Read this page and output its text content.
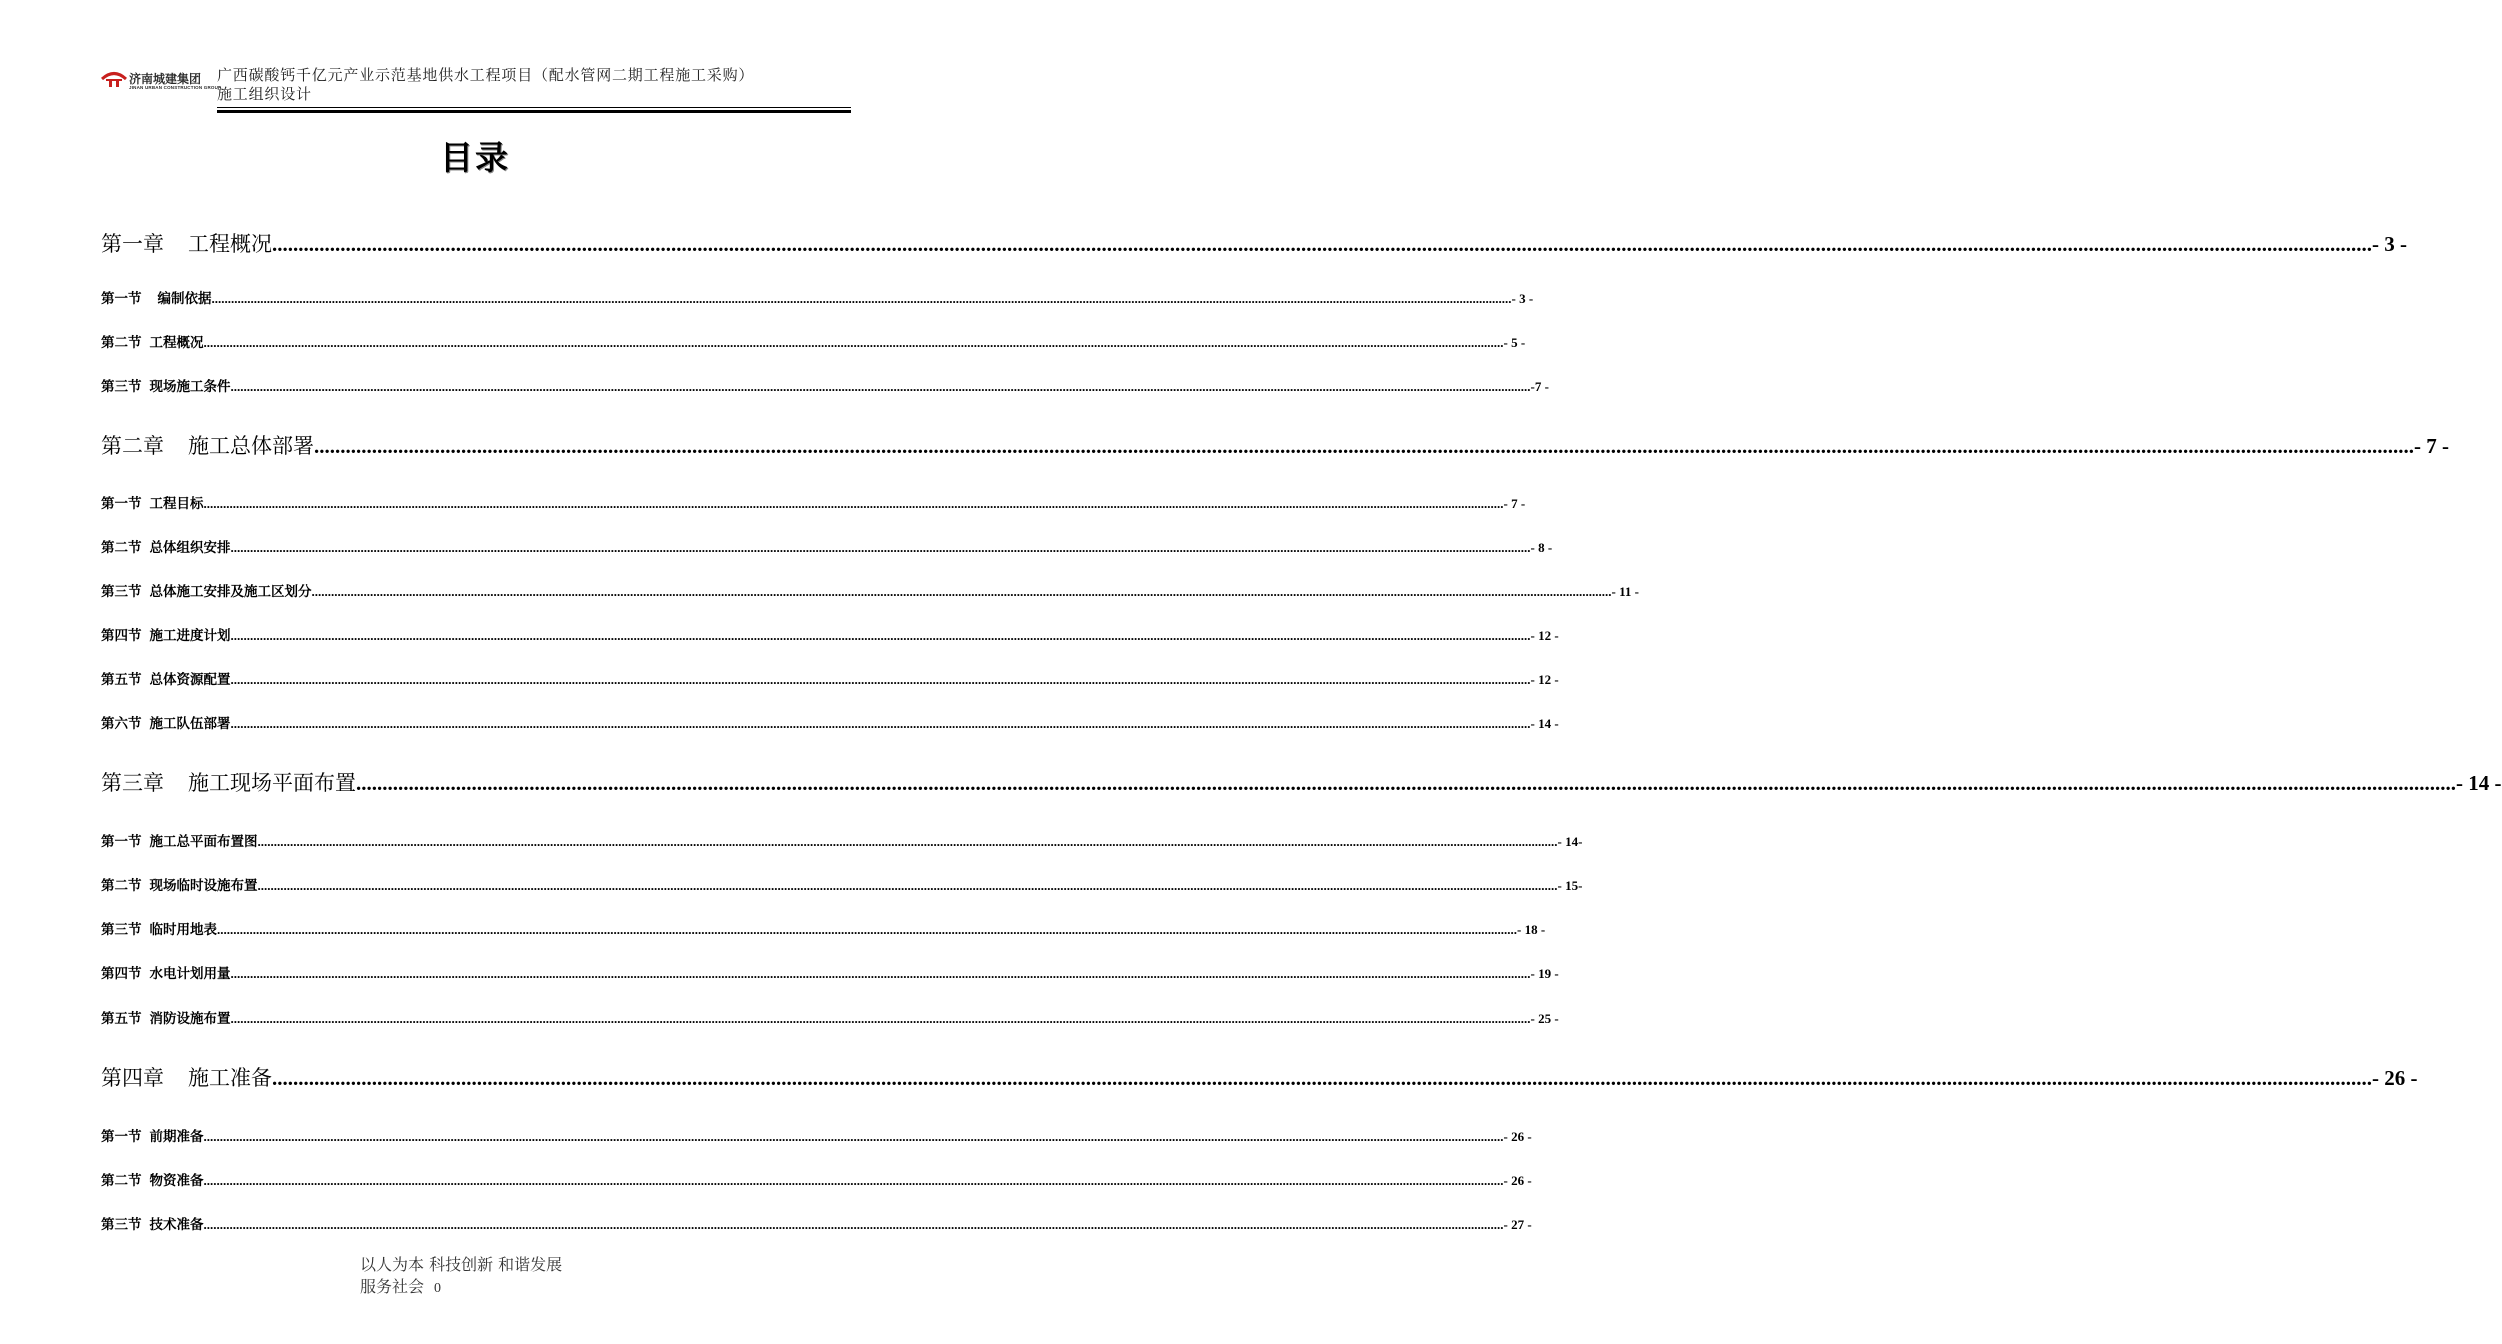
济南城建集团
JINAN URBAN CONSTRUCTION GROUP
广西碳酸钙千亿元产业示范基地供水工程项目（配水管网二期工程施工采购）
施工组织设计
目录
第一章 工程概况 ................................................................................................................................................................................................................................................................................................................................................................................................................ - 3 -
第一节 编制依据 ................................................................................................................................................................................................................................................................................................................................................................................................................ - 3 -
第二节 工程概况 ................................................................................................................................................................................................................................................................................................................................................................................................................ - 5 -
第三节 现场施工条件 ................................................................................................................................................................................................................................................................................................................................................................................................................ -7 -
第二章 施工总体部署 ................................................................................................................................................................................................................................................................................................................................................................................................................ - 7 -
第一节 工程目标 ................................................................................................................................................................................................................................................................................................................................................................................................................ - 7 -
第二节 总体组织安排 ................................................................................................................................................................................................................................................................................................................................................................................................................ - 8 -
第三节 总体施工安排及施工区划分 ................................................................................................................................................................................................................................................................................................................................................................................................................ - 11 -
第四节 施工进度计划 ................................................................................................................................................................................................................................................................................................................................................................................................................ - 12 -
第五节 总体资源配置 ................................................................................................................................................................................................................................................................................................................................................................................................................ - 12 -
第六节 施工队伍部署 ................................................................................................................................................................................................................................................................................................................................................................................................................ - 14 -
第三章 施工现场平面布置 ................................................................................................................................................................................................................................................................................................................................................................................................................ - 14 -
第一节 施工总平面布置图 ................................................................................................................................................................................................................................................................................................................................................................................................................ - 14-
第二节 现场临时设施布置 ................................................................................................................................................................................................................................................................................................................................................................................................................ - 15-
第三节 临时用地表 ................................................................................................................................................................................................................................................................................................................................................................................................................ - 18 -
第四节 水电计划用量 ................................................................................................................................................................................................................................................................................................................................................................................................................ - 19 -
第五节 消防设施布置 ................................................................................................................................................................................................................................................................................................................................................................................................................ - 25 -
第四章 施工准备 ................................................................................................................................................................................................................................................................................................................................................................................................................ - 26 -
第一节 前期准备 ................................................................................................................................................................................................................................................................................................................................................................................................................ - 26 -
第二节 物资准备 ................................................................................................................................................................................................................................................................................................................................................................................................................ - 26 -
第三节 技术准备 ................................................................................................................................................................................................................................................................................................................................................................................................................ - 27 -
以人为本 科技创新 和谐发展
服务社会 0
